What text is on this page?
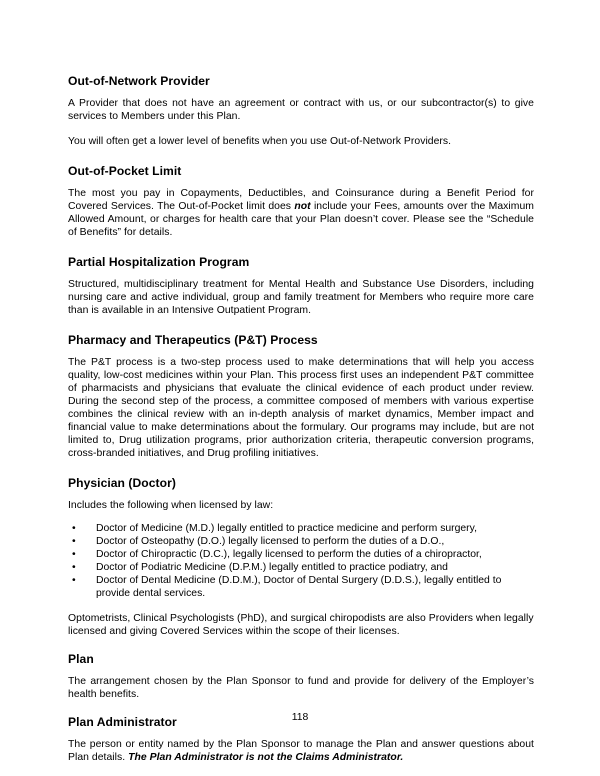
Out-of-Network Provider

A Provider that does not have an agreement or contract with us, or our subcontractor(s) to give services to Members under this Plan.

You will often get a lower level of benefits when you use Out-of-Network Providers.

Out-of-Pocket Limit

The most you pay in Copayments, Deductibles, and Coinsurance during a Benefit Period for Covered Services. The Out-of-Pocket limit does not include your Fees, amounts over the Maximum Allowed Amount, or charges for health care that your Plan doesn’t cover. Please see the “Schedule of Benefits” for details.

Partial Hospitalization Program

Structured, multidisciplinary treatment for Mental Health and Substance Use Disorders, including nursing care and active individual, group and family treatment for Members who require more care than is available in an Intensive Outpatient Program.

Pharmacy and Therapeutics (P&T) Process

The P&T process is a two-step process used to make determinations that will help you access quality, low-cost medicines within your Plan. This process first uses an independent P&T committee of pharmacists and physicians that evaluate the clinical evidence of each product under review. During the second step of the process, a committee composed of members with various expertise combines the clinical review with an in-depth analysis of market dynamics, Member impact and financial value to make determinations about the formulary. Our programs may include, but are not limited to, Drug utilization programs, prior authorization criteria, therapeutic conversion programs, cross-branded initiatives, and Drug profiling initiatives.

Physician (Doctor)

Includes the following when licensed by law:

• Doctor of Medicine (M.D.) legally entitled to practice medicine and perform surgery,
• Doctor of Osteopathy (D.O.) legally licensed to perform the duties of a D.O.,
• Doctor of Chiropractic (D.C.), legally licensed to perform the duties of a chiropractor,
• Doctor of Podiatric Medicine (D.P.M.) legally entitled to practice podiatry, and
• Doctor of Dental Medicine (D.D.M.), Doctor of Dental Surgery (D.D.S.), legally entitled to provide dental services.

Optometrists, Clinical Psychologists (PhD), and surgical chiropodists are also Providers when legally licensed and giving Covered Services within the scope of their licenses.

Plan

The arrangement chosen by the Plan Sponsor to fund and provide for delivery of the Employer’s health benefits.

Plan Administrator

The person or entity named by the Plan Sponsor to manage the Plan and answer questions about Plan details. The Plan Administrator is not the Claims Administrator.

118
